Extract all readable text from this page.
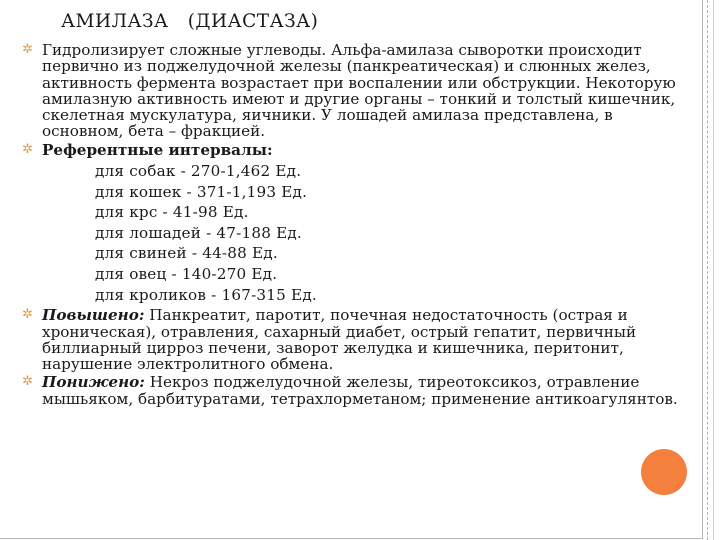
АМИЛАЗА   (ДИАСТАЗА)
✲ Гидролизирует сложные углеводы. Альфа-амилаза сыворотки происходит первично из поджелудочной железы (панкреатическая) и слюнных желез, активность фермента возрастает при воспалении или обструкции. Некоторую амилазную активность имеют и другие органы – тонкий и толстый кишечник, скелетная мускулатура, яичники. У лошадей амилаза представлена, в основном, бета – фракцией.
✲ Референтные интервалы:
для собак - 270-1,462 Ед.
для кошек - 371-1,193 Ед.
для крс - 41-98 Ед.
для лошадей - 47-188 Ед.
для свиней - 44-88 Ед.
для овец - 140-270 Ед.
для кроликов - 167-315 Ед.
✲ Повышено: Панкреатит, паротит, почечная недостаточность (острая и хроническая), отравления, сахарный диабет, острый гепатит, первичный биллиарный цирроз печени, заворот желудка и кишечника, перитонит, нарушение электролитного обмена.
✲ Понижено: Некроз поджелудочной железы, тиреотоксикоз, отравление мышьяком, барбитуратами, тетрахлорметаном; применение антикоагулянтов.
